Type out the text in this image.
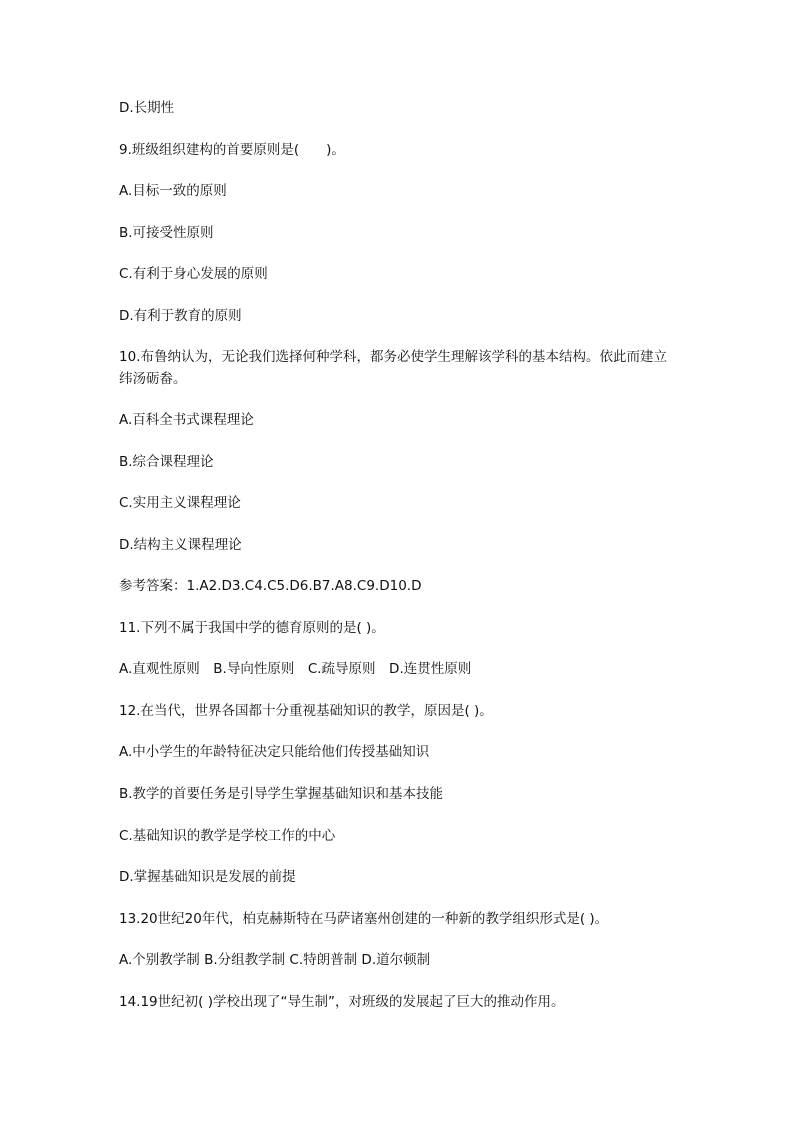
D.长期性
9.班级组织建构的首要原则是(　　)。
A.目标一致的原则
B.可接受性原则
C.有利于身心发展的原则
D.有利于教育的原则
10.布鲁纳认为，无论我们选择何种学科，都务必使学生理解该学科的基本结构。依此而建立纬汤砺畚。
A.百科全书式课程理论
B.综合课程理论
C.实用主义课程理论
D.结构主义课程理论
参考答案：1.A2.D3.C4.C5.D6.B7.A8.C9.D10.D
11.下列不属于我国中学的德育原则的是( )。
A.直观性原则　B.导向性原则　C.疏导原则　D.连贯性原则
12.在当代，世界各国都十分重视基础知识的教学，原因是( )。
A.中小学生的年龄特征决定只能给他们传授基础知识
B.教学的首要任务是引导学生掌握基础知识和基本技能
C.基础知识的教学是学校工作的中心
D.掌握基础知识是发展的前提
13.20世纪20年代，柏克赫斯特在马萨诸塞州创建的一种新的教学组织形式是( )。
A.个别教学制 B.分组教学制 C.特朗普制 D.道尔顿制
14.19世纪初( )学校出现了“导生制”，对班级的发展起了巨大的推动作用。
